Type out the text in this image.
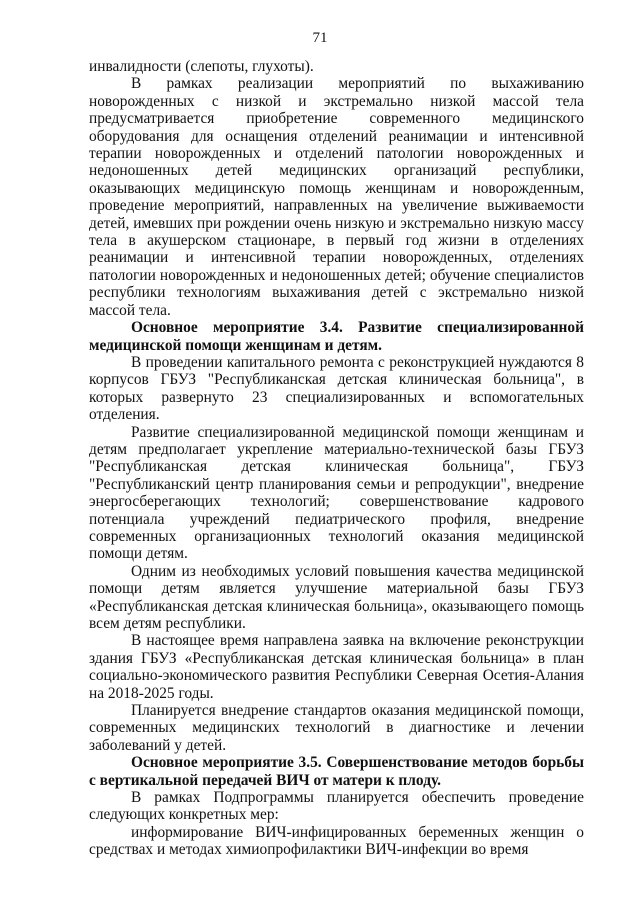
71

инвалидности (слепоты, глухоты).

В рамках реализации мероприятий по выхаживанию новорожденных с низкой и экстремально низкой массой тела предусматривается приобретение современного медицинского оборудования для оснащения отделений реанимации и интенсивной терапии новорожденных и отделений патологии новорожденных и недоношенных детей медицинских организаций республики, оказывающих медицинскую помощь женщинам и новорожденным, проведение мероприятий, направленных на увеличение выживаемости детей, имевших при рождении очень низкую и экстремально низкую массу тела в акушерском стационаре, в первый год жизни в отделениях реанимации и интенсивной терапии новорожденных, отделениях патологии новорожденных и недоношенных детей; обучение специалистов республики технологиям выхаживания детей с экстремально низкой массой тела.

Основное мероприятие 3.4. Развитие специализированной медицинской помощи женщинам и детям.

В проведении капитального ремонта с реконструкцией нуждаются 8 корпусов ГБУЗ "Республиканская детская клиническая больница", в которых развернуто 23 специализированных и вспомогательных отделения.

Развитие специализированной медицинской помощи женщинам и детям предполагает укрепление материально-технической базы ГБУЗ "Республиканская детская клиническая больница", ГБУЗ "Республиканский центр планирования семьи и репродукции", внедрение энергосберегающих технологий; совершенствование кадрового потенциала учреждений педиатрического профиля, внедрение современных организационных технологий оказания медицинской помощи детям.

Одним из необходимых условий повышения качества медицинской помощи детям является улучшение материальной базы ГБУЗ «Республиканская детская клиническая больница», оказывающего помощь всем детям республики.

В настоящее время направлена заявка на включение реконструкции здания ГБУЗ «Республиканская детская клиническая больница» в план социально-экономического развития Республики Северная Осетия-Алания на 2018-2025 годы.

Планируется внедрение стандартов оказания медицинской помощи, современных медицинских технологий в диагностике и лечении заболеваний у детей.

Основное мероприятие 3.5. Совершенствование методов борьбы с вертикальной передачей ВИЧ от матери к плоду.

В рамках Подпрограммы планируется обеспечить проведение следующих конкретных мер:

информирование ВИЧ-инфицированных беременных женщин о средствах и методах химиопрофилактики ВИЧ-инфекции во время
